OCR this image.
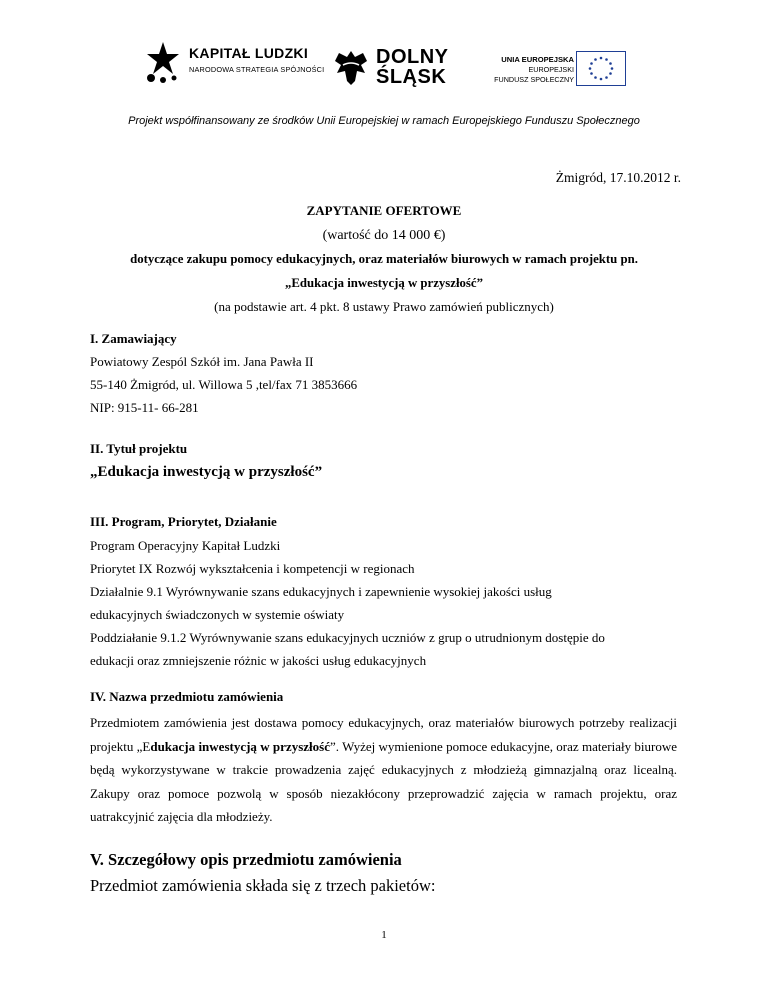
KAPITAŁ LUDZKI
NARODOWA STRATEGIA SPÓJNOŚCI
DOLNY
ŚLĄSK
UNIA EUROPEJSKA
EUROPEJSKI
FUNDUSZ SPOŁECZNY
Projekt współfinansowany ze środków Unii Europejskiej w ramach Europejskiego Funduszu Społecznego
Żmigród, 17.10.2012 r.
ZAPYTANIE OFERTOWE
(wartość do 14 000 €)
dotyczące zakupu pomocy edukacyjnych, oraz materiałów biurowych w ramach projektu pn.
„Edukacja inwestycją w przyszłość”
(na podstawie art. 4 pkt. 8 ustawy Prawo zamówień publicznych)
I. Zamawiający
Powiatowy Zespól Szkół im. Jana Pawła II
55-140 Żmigród, ul. Willowa 5 ,tel/fax 71 3853666
NIP: 915-11- 66-281
II. Tytuł projektu
„Edukacja inwestycją w przyszłość”
III. Program, Priorytet, Działanie
Program Operacyjny Kapitał Ludzki
Priorytet IX Rozwój wykształcenia i kompetencji w regionach
Działalnie 9.1 Wyrównywanie szans edukacyjnych i zapewnienie wysokiej jakości usług
edukacyjnych świadczonych w systemie oświaty
Poddziałanie 9.1.2 Wyrównywanie szans edukacyjnych uczniów z grup o utrudnionym dostępie do
edukacji oraz zmniejszenie różnic w jakości usług edukacyjnych
IV. Nazwa przedmiotu zamówienia
Przedmiotem zamówienia jest dostawa pomocy edukacyjnych, oraz materiałów biurowych potrzeby realizacji projektu „Edukacja inwestycją w przyszłość”. Wyżej wymienione pomoce edukacyjne, oraz materiały biurowe będą wykorzystywane w trakcie prowadzenia zajęć edukacyjnych z młodzieżą gimnazjalną oraz licealną. Zakupy oraz pomoce pozwolą w sposób niezakłócony przeprowadzić zajęcia w ramach projektu, oraz uatrakcyjnić zajęcia dla młodzieży.
V. Szczegółowy opis przedmiotu zamówienia
Przedmiot zamówienia składa się z trzech pakietów:
1
